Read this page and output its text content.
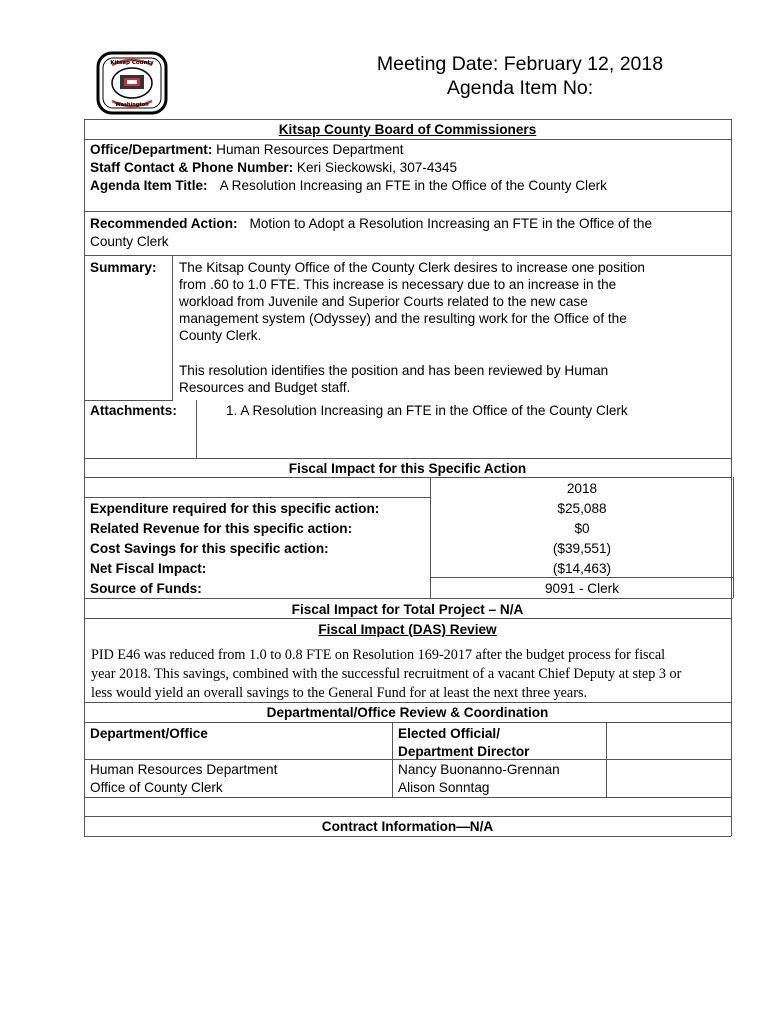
Kitsap County
Washington
Meeting Date: February 12, 2018
Agenda Item No:
Kitsap County Board of Commissioners
Office/Department: Human Resources Department
Staff Contact & Phone Number: Keri Sieckowski, 307-4345
Agenda Item Title: A Resolution Increasing an FTE in the Office of the County Clerk
Recommended Action: Motion to Adopt a Resolution Increasing an FTE in the Office of the
County Clerk
Summary: The Kitsap County Office of the County Clerk desires to increase one position
from .60 to 1.0 FTE. This increase is necessary due to an increase in the
workload from Juvenile and Superior Courts related to the new case
management system (Odyssey) and the resulting work for the Office of the
County Clerk.
This resolution identifies the position and has been reviewed by Human
Resources and Budget staff.
Attachments:	1. A Resolution Increasing an FTE in the Office of the County Clerk
Fiscal Impact for this Specific Action
2018
Expenditure required for this specific action:	$25,088
Related Revenue for this specific action:	$0
Cost Savings for this specific action:	($39,551)
Net Fiscal Impact:	($14,463)
Source of Funds:	9091 - Clerk
Fiscal Impact for Total Project – N/A
Fiscal Impact (DAS) Review
PID E46 was reduced from 1.0 to 0.8 FTE on Resolution 169-2017 after the budget process for fiscal
year 2018. This savings, combined with the successful recruitment of a vacant Chief Deputy at step 3 or
less would yield an overall savings to the General Fund for at least the next three years.
Departmental/Office Review & Coordination
Department/Office	Elected Official/
Department Director
Human Resources Department	Nancy Buonanno-Grennan
Office of County Clerk	Alison Sonntag
Contract Information—N/A
